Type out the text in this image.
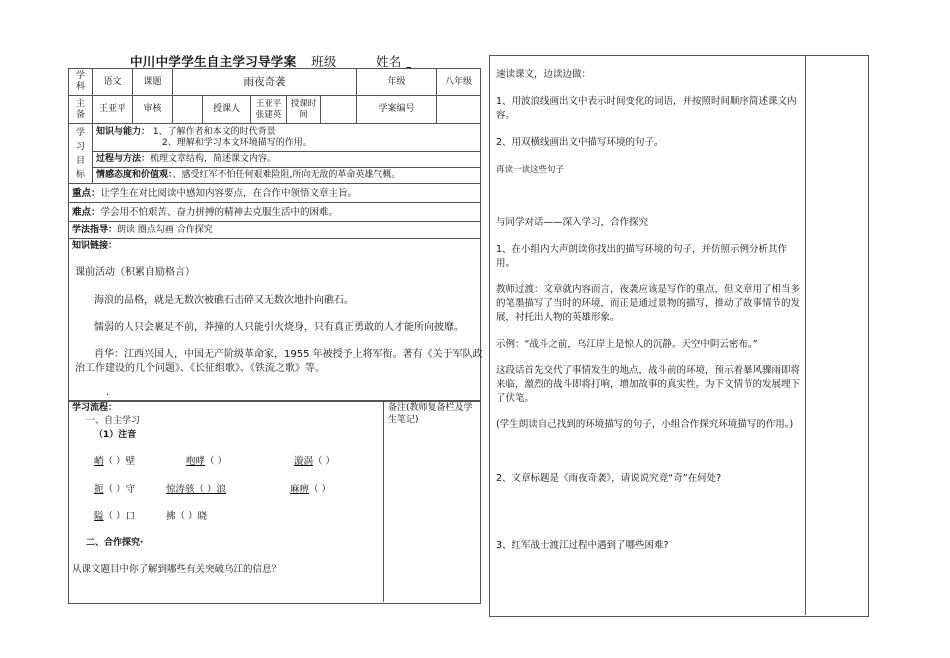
中川中学学生自主学习导学案 班级	姓名
学科	语文	课题	雨夜奇袭					年级	八年级
主备	王亚平	审核		授课人	王亚平 张建英	授课时间		学案编号	

学习目标	知识与能力： 1、了解作者和本文的时代背景
2、理解和学习本文环境描写的作用。								
	过程与方法：梳理文章结构，简述课文内容。								
	情感态度和价值观：、感受红军不怕任何艰难险阻,所向无敌的革命英雄气概。								
重点：让学生在对比阅读中感知内容要点，在合作中领悟文章主旨。									
难点：学会用不怕艰苦、奋力拼搏的精神去克服生活中的困难。									
学法指导：朗读 圈点勾画 合作探究									
知识链接：
课前活动（积累自励格言）
海浪的品格，就是无数次被礁石击碎又无数次地扑向礁石。
懦弱的人只会裹足不前，莽撞的人只能引火烧身，只有真正勇敢的人才能所向披靡。
肖华：江西兴国人，中国无产阶级革命家，1955 年被授予上将军衔。著有《关于军队政
治工作建设的几个问题》、《长征组歌》、《铁流之歌》等。
.
备注(教师复备栏及学生笔记)
学习流程：
一、自主学习
（1）注音
峭（ ）壁	咆哮（ ）	漩涡（ ）
扼（ ）守	惊涛骇（ ）浪	麻痹（ ）
隘（ ）口	拂（ ）晓
二、合作探究·
从课文题目中你了解到哪些有关突破乌江的信息？
速读课文，边读边做：
1、用波浪线画出文中表示时间变化的词语，并按照时间顺序简述课文内容。
2、用双横线画出文中描写环境的句子。
再读一读这些句子
与同学对话——深入学习，合作探究
1、在小组内大声朗读你找出的描写环境的句子，并仿照示例分析其作用。
教师过渡：文章就内容而言，夜袭应该是写作的重点，但文章用了相当多的笔墨描写了当时的环境，而正是通过景物的描写，推动了故事情节的发展，衬托出人物的英雄形象。
示例：“战斗之前，乌江岸上是惊人的沉静。天空中阴云密布。”
这段话首先交代了事情发生的地点，战斗前的环境，预示着暴风骤雨即将来临，激烈的战斗即将打响，增加故事的真实性。为下文情节的发展埋下了伏笔。
(学生朗读自己找到的环境描写的句子，小组合作探究环境描写的作用。)
2、文章标题是《雨夜奇袭》，请说说究竟“奇”在何处?
3、红军战士渡江过程中遇到了哪些困难?
